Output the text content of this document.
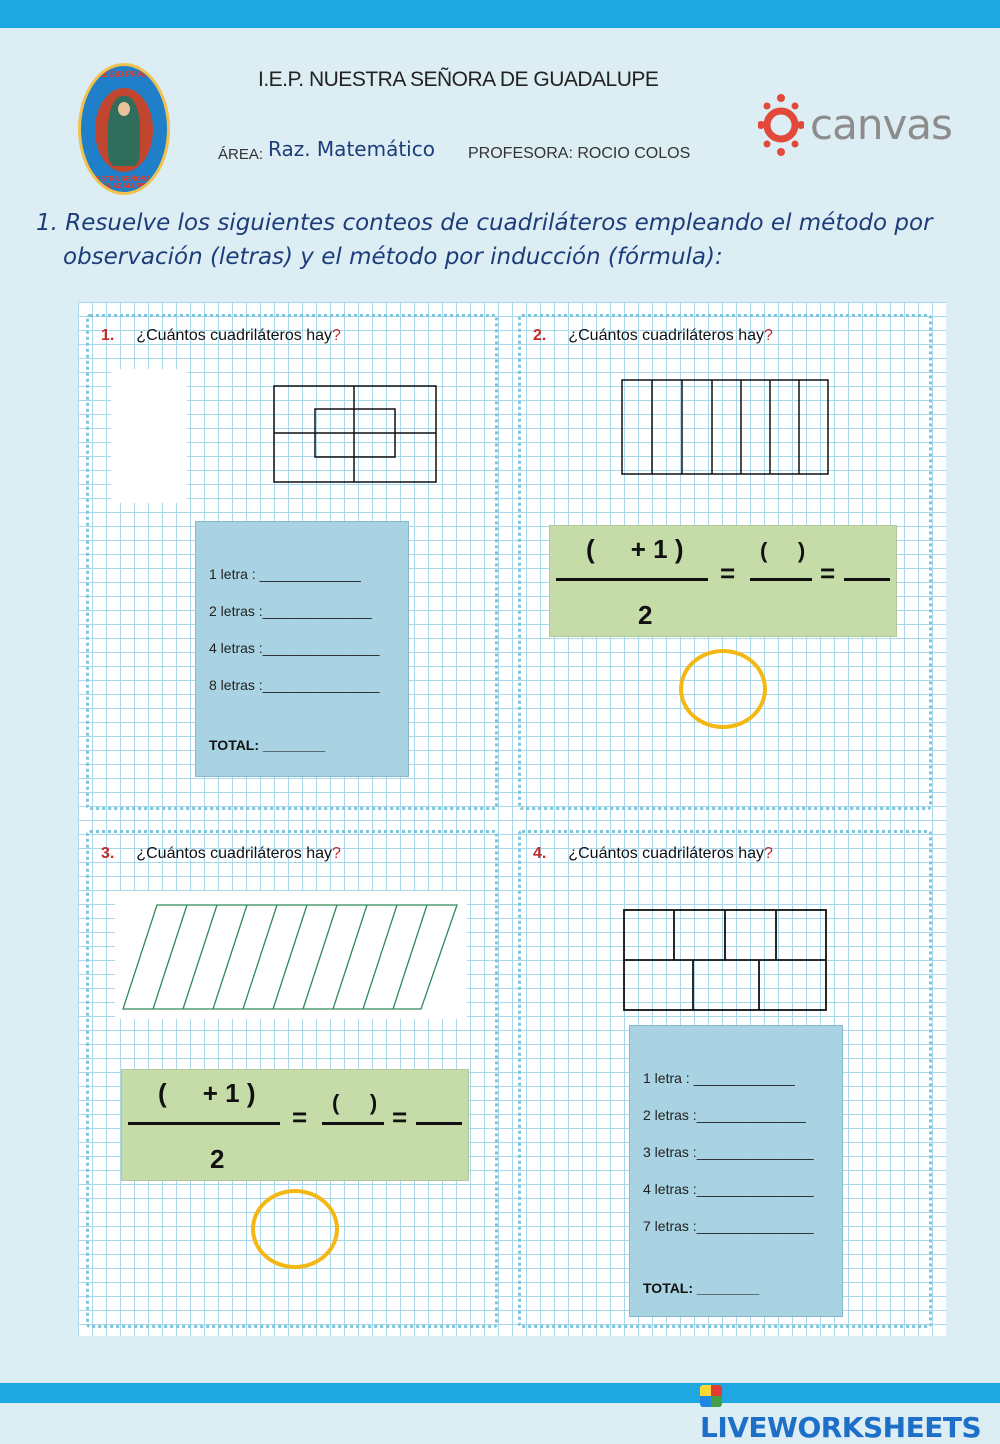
COLEGIO PRIVADO
NUESTRA SEÑORA DE GUADALUPE
I.E.P. NUESTRA SEÑORA DE GUADALUPE
ÁREA: Raz. Matemático PROFESORA: ROCIO COLOS
canvas
1. Resuelve los siguientes conteos de cuadriláteros empleando el método por
observación (letras) y el método por inducción (fórmula):
1. ¿Cuántos cuadriláteros hay?
1 letra : _____________
2 letras :______________
4 letras :_______________
8 letras :_______________
TOTAL: ________
2. ¿Cuántos cuadriláteros hay?
(     + 1 )
2
=
(     )
=
3. ¿Cuántos cuadriláteros hay?
(     + 1 )
2
= (     ) =
4. ¿Cuántos cuadriláteros hay?
1 letra : _____________
2 letras :______________
3 letras :_______________
4 letras :_______________
7 letras :_______________
TOTAL: ________
LIVEWORKSHEETS
